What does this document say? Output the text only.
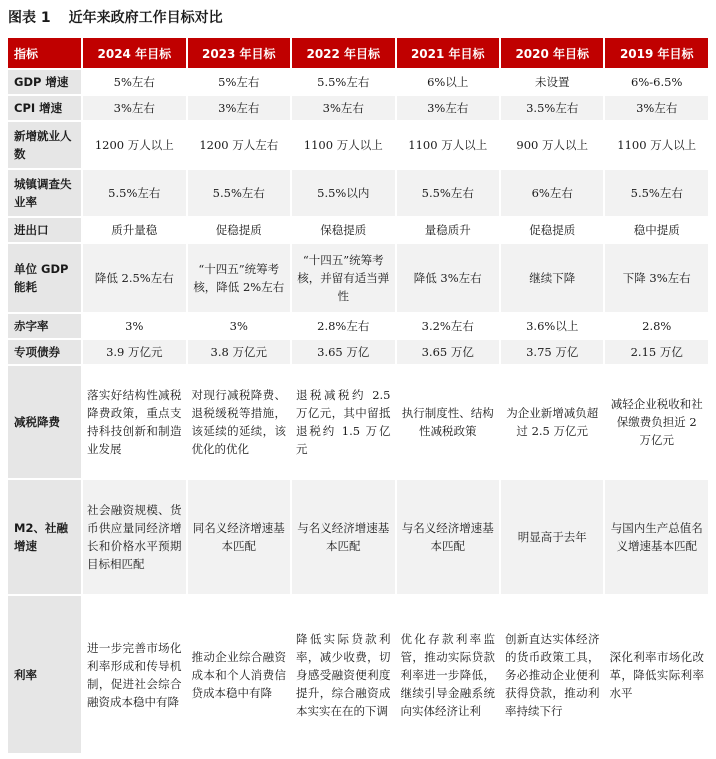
图表 1 近年来政府工作目标对比
指标	2024 年目标	2023 年目标	2022 年目标	2021 年目标	2020 年目标	2019 年目标
GDP 增速	5%左右	5%左右	5.5%左右	6%以上	未设置	6%-6.5%
CPI 增速	3%左右	3%左右	3%左右	3%左右	3.5%左右	3%左右
新增就业人数	1200 万人以上	1200 万人左右	1100 万人以上	1100 万人以上	900 万人以上	1100 万人以上
城镇调查失业率	5.5%左右	5.5%左右	5.5%以内	5.5%左右	6%左右	5.5%左右
进出口	质升量稳	促稳提质	保稳提质	量稳质升	促稳提质	稳中提质
单位 GDP 能耗	降低 2.5%左右	“十四五”统筹考核，降低 2%左右	“十四五”统筹考核，并留有适当弹性	降低 3%左右	继续下降	下降 3%左右
赤字率	3%	3%	2.8%左右	3.2%左右	3.6%以上	2.8%
专项债券	3.9 万亿元	3.8 万亿元	3.65 万亿	3.65 万亿	3.75 万亿	2.15 万亿
减税降费	落实好结构性减税降费政策，重点支持科技创新和制造业发展	对现行减税降费、退税缓税等措施，该延续的延续，该优化的优化	退税减税约 2.5 万亿元，其中留抵退税约 1.5 万亿元	执行制度性、结构性减税政策	为企业新增减负超过 2.5 万亿元	减轻企业税收和社保缴费负担近 2 万亿元
M2、社融增速	社会融资规模、货币供应量同经济增长和价格水平预期目标相匹配	同名义经济增速基本匹配	与名义经济增速基本匹配	与名义经济增速基本匹配	明显高于去年	与国内生产总值名义增速基本匹配
利率	进一步完善市场化利率形成和传导机制，促进社会综合融资成本稳中有降	推动企业综合融资成本和个人消费信贷成本稳中有降	降低实际贷款利率，减少收费，切身感受融资便利度提升，综合融资成本实实在在的下调	优化存款利率监管，推动实际贷款利率进一步降低，继续引导金融系统向实体经济让利	创新直达实体经济的货币政策工具，务必推动企业便利获得贷款，推动利率持续下行	深化利率市场化改革，降低实际利率水平
